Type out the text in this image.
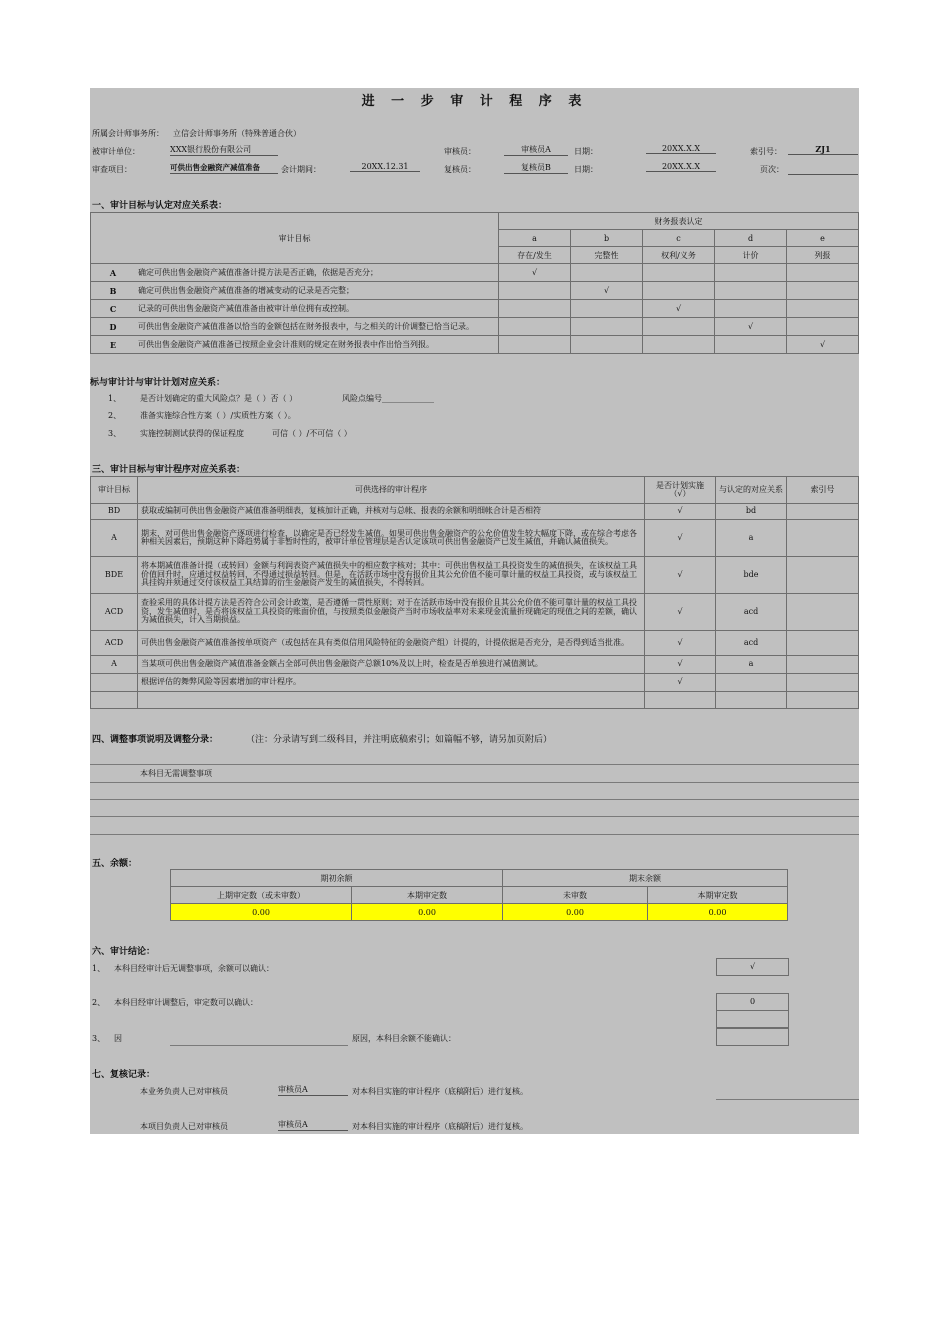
进 一 步 审 计 程 序 表
所属会计师事务所： 立信会计师事务所（特殊普通合伙）
被审计单位：	XXX银行股份有限公司	审核员：	审核员A	日期：	20XX.X.X	索引号：	ZJ1
审查项目：	可供出售金融资产减值准备	会计期间：	20XX.12.31	复核员：	复核员B	日期：	20XX.X.X	页次：
一、审计目标与认定对应关系表：
审计目标		财务报表认定				
		a	b	c	d	e
		存在/发生	完整性	权利/义务	计价	列报
A	确定可供出售金融资产减值准备计提方法是否正确，依据是否充分；	√				
B	确定可供出售金融资产减值准备的增减变动的记录是否完整；		√			
C	记录的可供出售金融资产减值准备由被审计单位拥有或控制。			√		
D	可供出售金融资产减值准备以恰当的金额包括在财务报表中，与之相关的计价调整已恰当记录。				√	
E	可供出售金融资产减值准备已按照企业会计准则的规定在财务报表中作出恰当列报。					√
标与审计计与审计计划对应关系：
1、 是否计划确定的重大风险点？是（ ）否（ ）	风险点编号_____________
2、 准备实施综合性方案（ ）/实质性方案（ ）。
3、 实施控制测试获得的保证程度	可信（ ）/不可信（ ）
三、审计目标与审计程序对应关系表：
审计目标	可供选择的审计程序	是否计划实施（√）	与认定的对应关系	索引号
BD	获取或编制可供出售金融资产减值准备明细表，复核加计正确，并核对与总帐、报表的余额和明细帐合计是否相符	√	bd	
A	期末，对可供出售金融资产逐项进行检查，以确定是否已经发生减值。如果可供出售金融资产的公允价值发生较大幅度下降，或在综合考虑各种相关因素后，预期这种下降趋势属于非暂时性的，被审计单位管理层是否认定该项可供出售金融资产已发生减值，并确认减值损失。	√	a	
BDE	将本期减值准备计提（或转回）金额与利润表资产减值损失中的相应数字核对；其中：可供出售权益工具投资发生的减值损失，在该权益工具价值回升时，应通过权益转回，不得通过损益转回。但是，在活跃市场中没有报价且其公允价值不能可靠计量的权益工具投资，或与该权益工具挂钩并须通过交付该权益工具结算的衍生金融资产发生的减值损失，不得转回。	√	bde	
ACD	查验采用的具体计提方法是否符合公司会计政策，是否遵循一贯性原则；对于在活跃市场中没有报价且其公允价值不能可靠计量的权益工具投资，发生减值时，是否将该权益工具投资的账面价值，与按照类似金融资产当时市场收益率对未来现金流量折现确定的现值之间的差额，确认为减值损失，计入当期损益。	√	acd	
ACD	可供出售金融资产减值准备按单项资产（或包括在具有类似信用风险特征的金融资产组）计提的，计提依据是否充分，是否得到适当批准。	√	acd	
A	当某项可供出售金融资产减值准备金额占全部可供出售金融资产总额10%及以上时，检查是否单独进行减值测试。	√	a	
	根据评估的舞弊风险等因素增加的审计程序。	√		

四、调整事项说明及调整分录：	（注：分录请写到二级科目，并注明底稿索引；如篇幅不够，请另加页附后）
本科目无需调整事项
五、余额：
期初余额		期末余额	
上期审定数（或未审数）	本期审定数	未审数	本期审定数
0.00	0.00	0.00	0.00
六、审计结论：
1、 本科目经审计后无调整事项，余额可以确认：	√
2、 本科目经审计调整后，审定数可以确认：	0
3、 因	原因，本科目余额不能确认：
七、复核记录：
本业务负责人已对审核员	审核员A	对本科目实施的审计程序（底稿附后）进行复核。
本项目负责人已对审核员	审核员A	对本科目实施的审计程序（底稿附后）进行复核。
